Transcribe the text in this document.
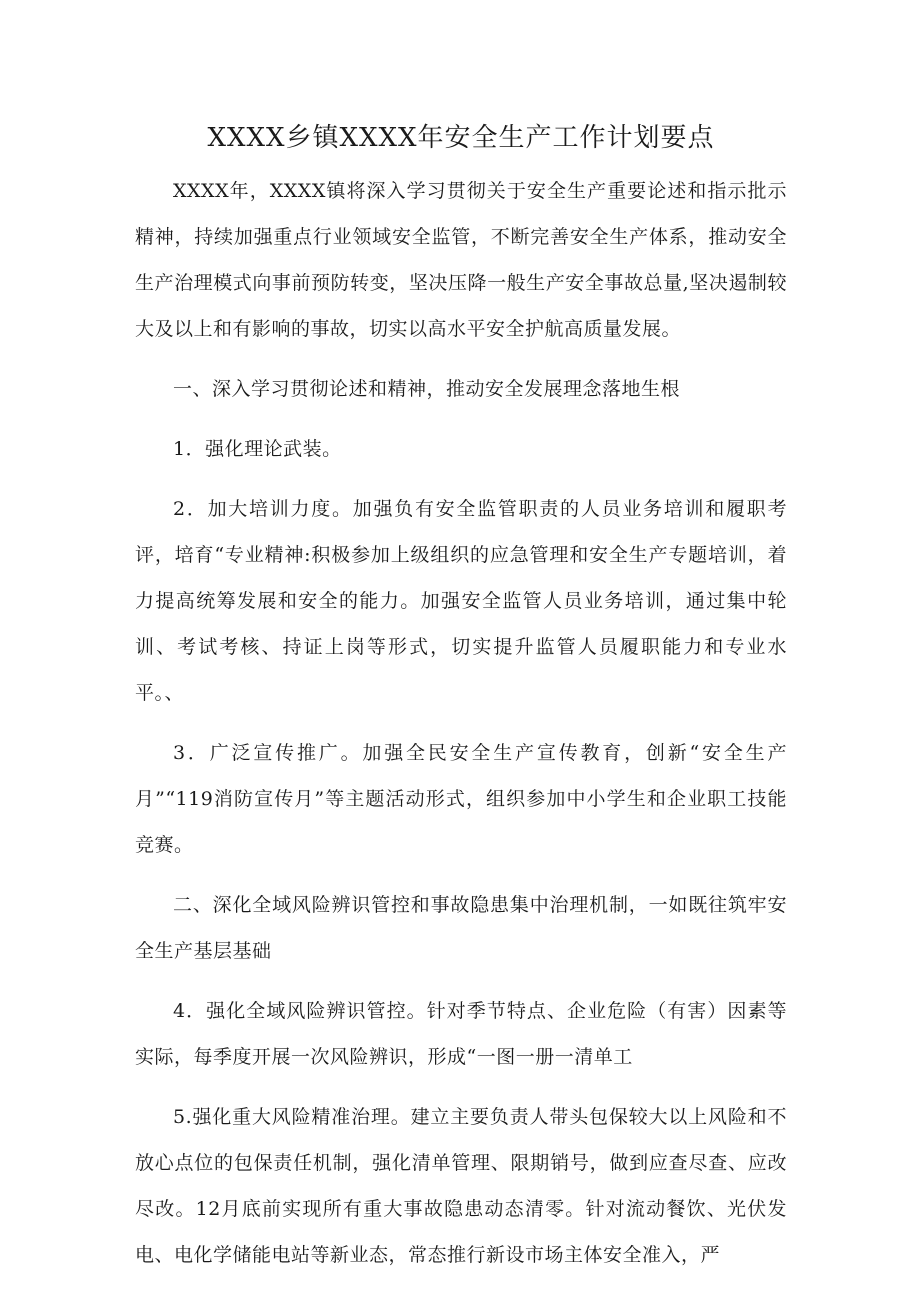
XXXX乡镇XXXX年安全生产工作计划要点

XXXX年，XXXX镇将深入学习贯彻关于安全生产重要论述和指示批示精神，持续加强重点行业领域安全监管，不断完善安全生产体系，推动安全生产治理模式向事前预防转变，坚决压降一般生产安全事故总量,坚决遏制较大及以上和有影响的事故，切实以高水平安全护航高质量发展。

一、深入学习贯彻论述和精神，推动安全发展理念落地生根

1．强化理论武装。

2．加大培训力度。加强负有安全监管职责的人员业务培训和履职考评，培育“专业精神:积极参加上级组织的应急管理和安全生产专题培训，着力提高统筹发展和安全的能力。加强安全监管人员业务培训，通过集中轮训、考试考核、持证上岗等形式，切实提升监管人员履职能力和专业水平。、

3．广泛宣传推广。加强全民安全生产宣传教育，创新“安全生产月”“119消防宣传月”等主题活动形式，组织参加中小学生和企业职工技能竞赛。

二、深化全域风险辨识管控和事故隐患集中治理机制，一如既往筑牢安全生产基层基础

4．强化全域风险辨识管控。针对季节特点、企业危险（有害）因素等实际，每季度开展一次风险辨识，形成“一图一册一清单工

5.强化重大风险精准治理。建立主要负责人带头包保较大以上风险和不放心点位的包保责任机制，强化清单管理、限期销号，做到应查尽查、应改尽改。12月底前实现所有重大事故隐患动态清零。针对流动餐饮、光伏发电、电化学储能电站等新业态，常态推行新设市场主体安全准入，严
